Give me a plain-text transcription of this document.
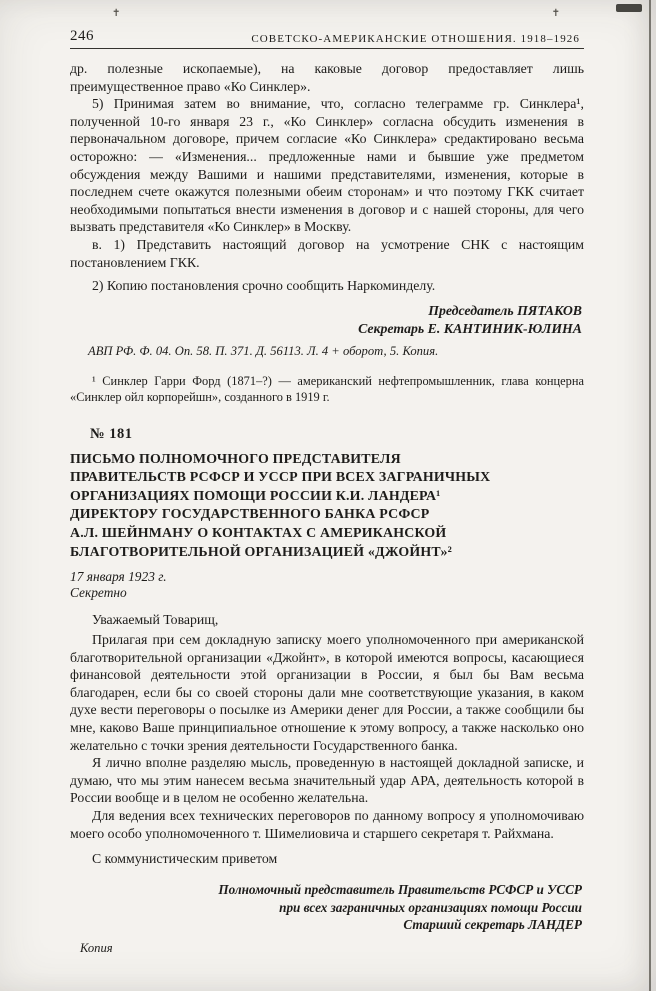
✝	✝
246	СОВЕТСКО-АМЕРИКАНСКИЕ ОТНОШЕНИЯ. 1918–1926

др. полезные ископаемые), на каковые договор предоставляет лишь преимущественное право «Ко Синклер».

5) Принимая затем во внимание, что, согласно телеграмме гр. Синклера¹, полученной 10-го января 23 г., «Ко Синклер» согласна обсудить изменения в первоначальном договоре, причем согласие «Ко Синклера» средактировано весьма осторожно: — «Изменения... предложенные нами и бывшие уже предметом обсуждения между Вашими и нашими представителями, изменения, которые в последнем счете окажутся полезными обеим сторонам» и что поэтому ГКК считает необходимыми попытаться внести изменения в договор и с нашей стороны, для чего вызвать представителя «Ко Синклер» в Москву.

в. 1) Представить настоящий договор на усмотрение СНК с настоящим постановлением ГКК.

2) Копию постановления срочно сообщить Наркоминделу.

Председатель ПЯТАКОВ

Секретарь Е. КАНТИНИК-ЮЛИНА

АВП РФ. Ф. 04. Оп. 58. П. 371. Д. 56113. Л. 4 + оборот, 5. Копия.

¹ Синклер Гарри Форд (1871–?) — американский нефтепромышленник, глава концерна «Синклер ойл корпорейшн», созданного в 1919 г.

№ 181

ПИСЬМО ПОЛНОМОЧНОГО ПРЕДСТАВИТЕЛЯ
ПРАВИТЕЛЬСТВ РСФСР И УССР ПРИ ВСЕХ ЗАГРАНИЧНЫХ
ОРГАНИЗАЦИЯХ ПОМОЩИ РОССИИ К.И. ЛАНДЕРА¹
ДИРЕКТОРУ ГОСУДАРСТВЕННОГО БАНКА РСФСР
А.Л. ШЕЙНМАНУ О КОНТАКТАХ С АМЕРИКАНСКОЙ
БЛАГОТВОРИТЕЛЬНОЙ ОРГАНИЗАЦИЕЙ «ДЖОЙНТ»²

17 января 1923 г.

Секретно

Уважаемый Товарищ,

Прилагая при сем докладную записку моего уполномоченного при американской благотворительной организации «Джойнт», в которой имеются вопросы, касающиеся финансовой деятельности этой организации в России, я был бы Вам весьма благодарен, если бы со своей стороны дали мне соответствующие указания, в каком духе вести переговоры о посылке из Америки денег для России, а также сообщили бы мне, каково Ваше принципиальное отношение к этому вопросу, а также насколько оно желательно с точки зрения деятельности Государственного банка.

Я лично вполне разделяю мысль, проведенную в настоящей докладной записке, и думаю, что мы этим нанесем весьма значительный удар АРА, деятельность которой в России вообще и в целом не особенно желательна.

Для ведения всех технических переговоров по данному вопросу я уполномочиваю моего особо уполномоченного т. Шимелиовича и старшего секретаря т. Райхмана.

С коммунистическим приветом

Полномочный представитель Правительств РСФСР и УССР

при всех заграничных организациях помощи России

Старший секретарь ЛАНДЕР

Копия
